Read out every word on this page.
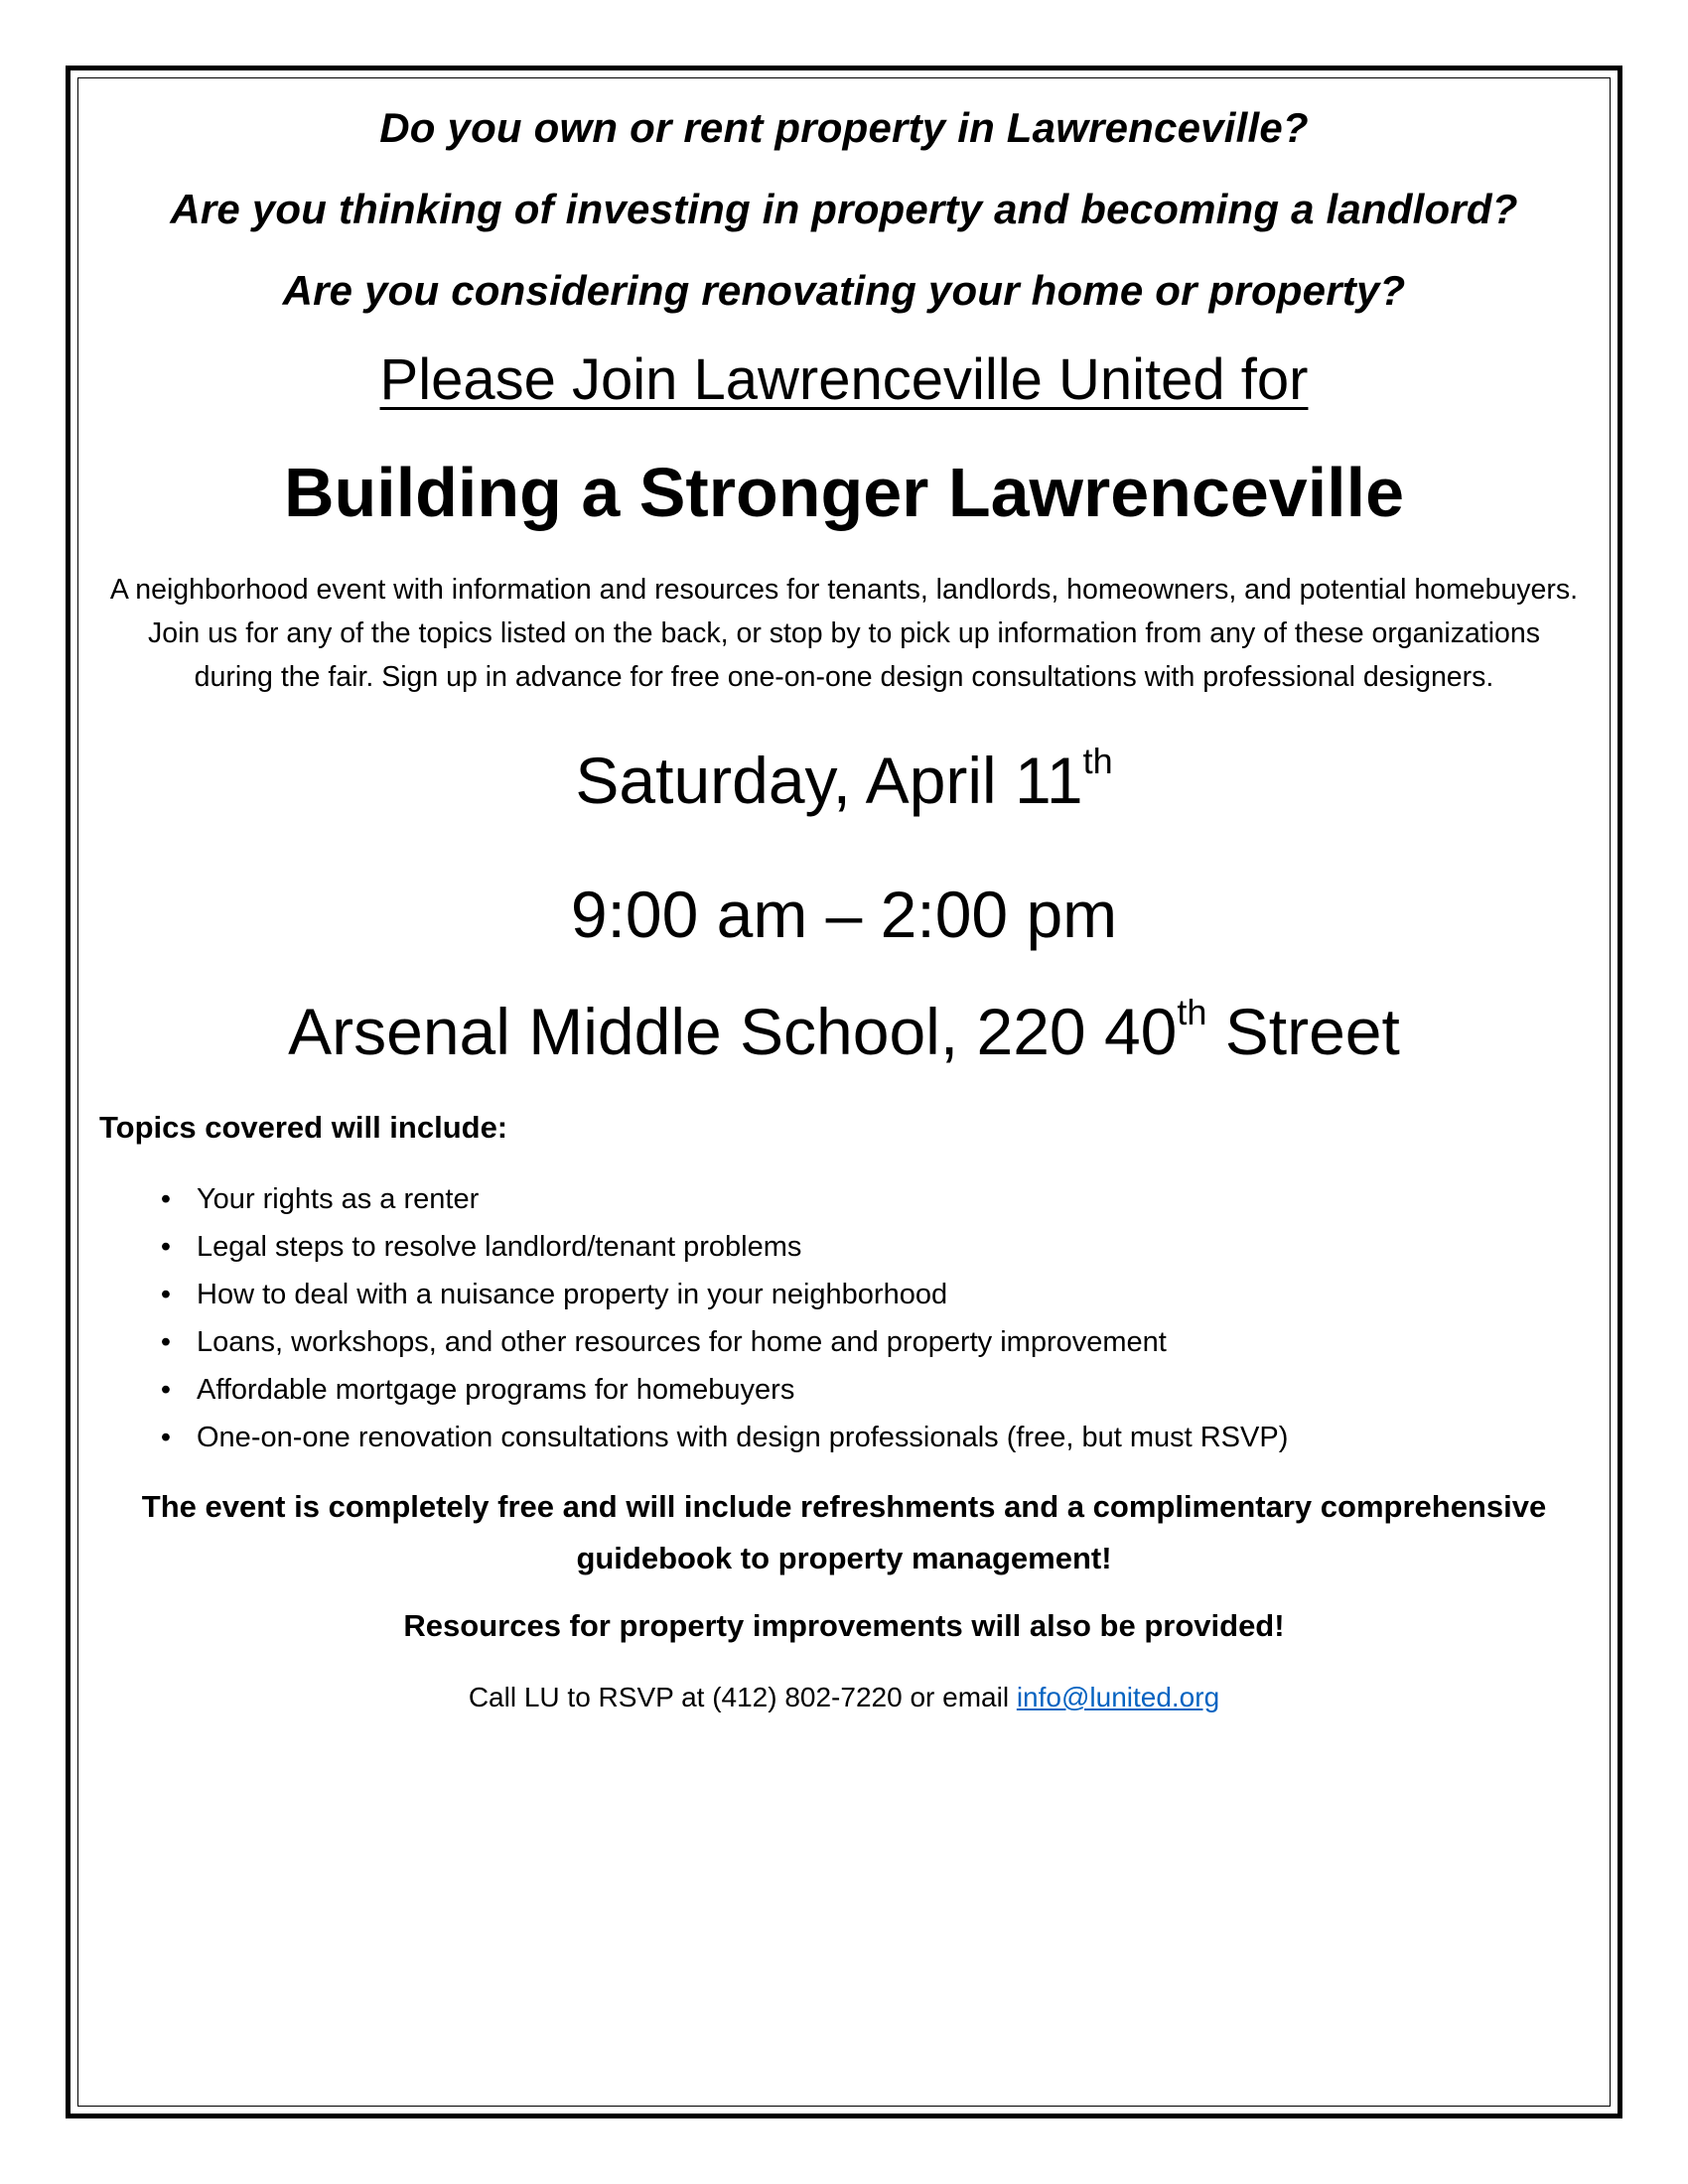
Do you own or rent property in Lawrenceville?

Are you thinking of investing in property and becoming a landlord?

Are you considering renovating your home or property?

Please Join Lawrenceville United for

Building a Stronger Lawrenceville

A neighborhood event with information and resources for tenants, landlords, homeowners, and potential homebuyers. Join us for any of the topics listed on the back, or stop by to pick up information from any of these organizations during the fair. Sign up in advance for free one-on-one design consultations with professional designers.

Saturday, April 11th

9:00 am – 2:00 pm

Arsenal Middle School, 220 40th Street

Topics covered will include:

• Your rights as a renter
• Legal steps to resolve landlord/tenant problems
• How to deal with a nuisance property in your neighborhood
• Loans, workshops, and other resources for home and property improvement
• Affordable mortgage programs for homebuyers
• One-on-one renovation consultations with design professionals (free, but must RSVP)

The event is completely free and will include refreshments and a complimentary comprehensive guidebook to property management!

Resources for property improvements will also be provided!

Call LU to RSVP at (412) 802-7220 or email info@lunited.org
